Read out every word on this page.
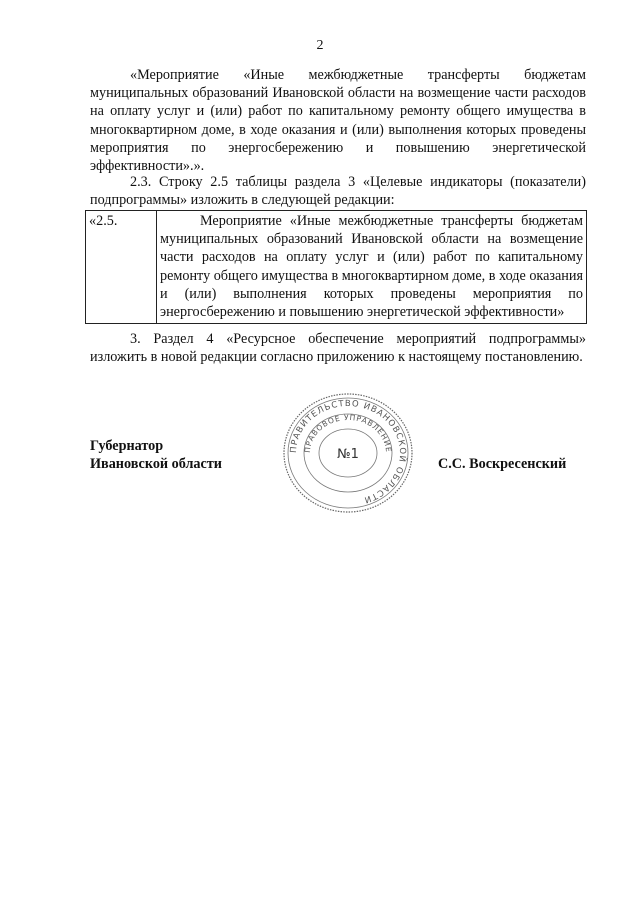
2

«Мероприятие «Иные межбюджетные трансферты бюджетам муниципальных образований Ивановской области на возмещение части расходов на оплату услуг и (или) работ по капитальному ремонту общего имущества в многоквартирном доме, в ходе оказания и (или) выполнения которых проведены мероприятия по энергосбережению и повышению энергетической эффективности».».

2.3. Строку 2.5 таблицы раздела 3 «Целевые индикаторы (показатели) подпрограммы» изложить в следующей редакции:

«2.5.	Мероприятие «Иные межбюджетные трансферты бюджетам муниципальных образований Ивановской области на возмещение части расходов на оплату услуг и (или) работ по капитальному ремонту общего имущества в многоквартирном доме, в ходе оказания и (или) выполнения которых проведены мероприятия по энергосбережению и повышению энергетической эффективности»

3. Раздел 4 «Ресурсное обеспечение мероприятий подпрограммы» изложить в новой редакции согласно приложению к настоящему постановлению.

Губернатор
Ивановской области	С.С. Воскресенский
ПРАВИТЕЛЬСТВО ИВАНОВСКОЙ ОБЛАСТИ
ПРАВОВОЕ УПРАВЛЕНИЕ
№1
